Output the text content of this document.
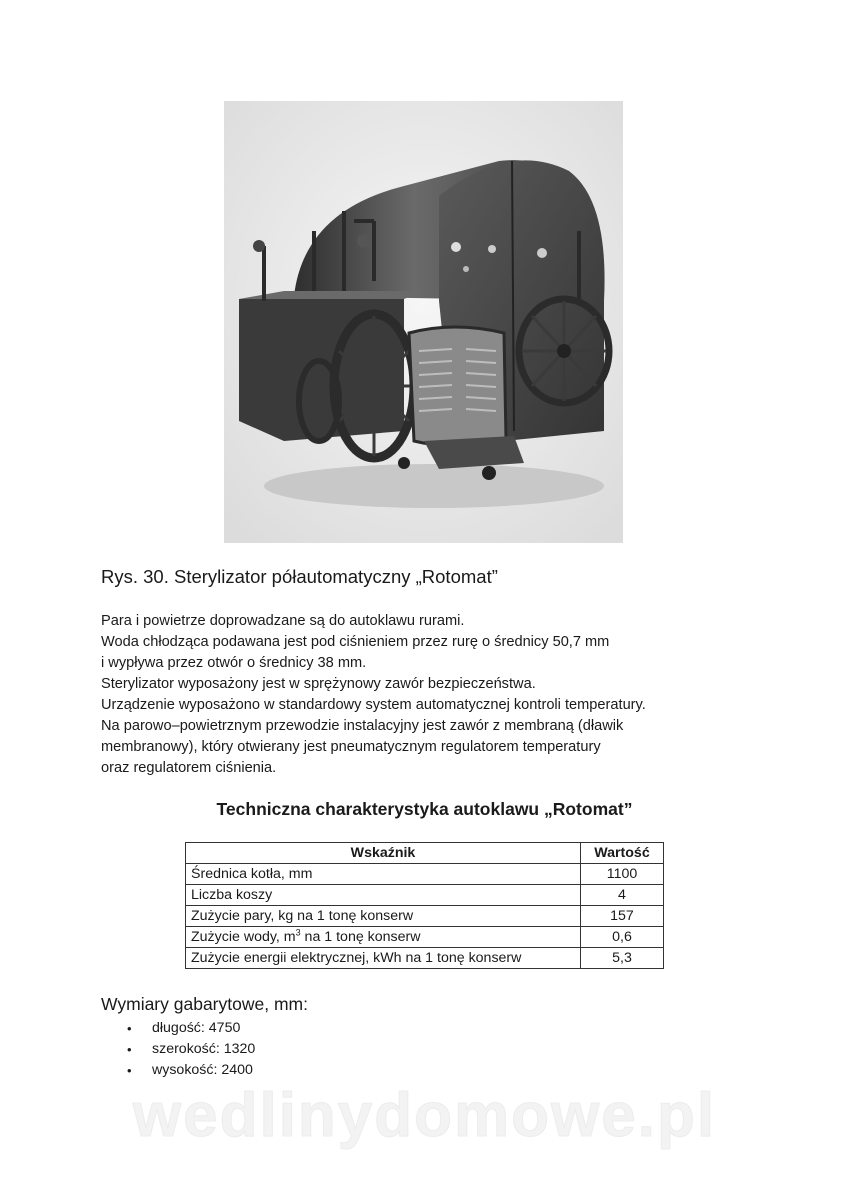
Rys. 30. Sterylizator półautomatyczny „Rotomat”
Para i powietrze doprowadzane są do autoklawu rurami.
Woda chłodząca podawana jest pod ciśnieniem przez rurę o średnicy 50,7 mm
i wypływa przez otwór o średnicy 38 mm.
Sterylizator wyposażony jest w sprężynowy zawór bezpieczeństwa.
Urządzenie wyposażono w standardowy system automatycznej kontroli temperatury.
Na parowo–powietrznym przewodzie instalacyjny jest zawór z membraną (dławik
membranowy), który otwierany jest pneumatycznym regulatorem temperatury
oraz regulatorem ciśnienia.
Techniczna charakterystyka autoklawu „Rotomat”
Wskaźnik	Wartość
Średnica kotła, mm	1100
Liczba koszy	4
Zużycie pary, kg na 1 tonę konserw	157
Zużycie wody, $m^3$ na 1 tonę konserw	0,6
Zużycie energii elektrycznej, kWh na 1 tonę konserw	5,3
Wymiary gabarytowe, mm:
• długość: 4750
• szerokość: 1320
• wysokość: 2400
wedlinydomowe.pl
